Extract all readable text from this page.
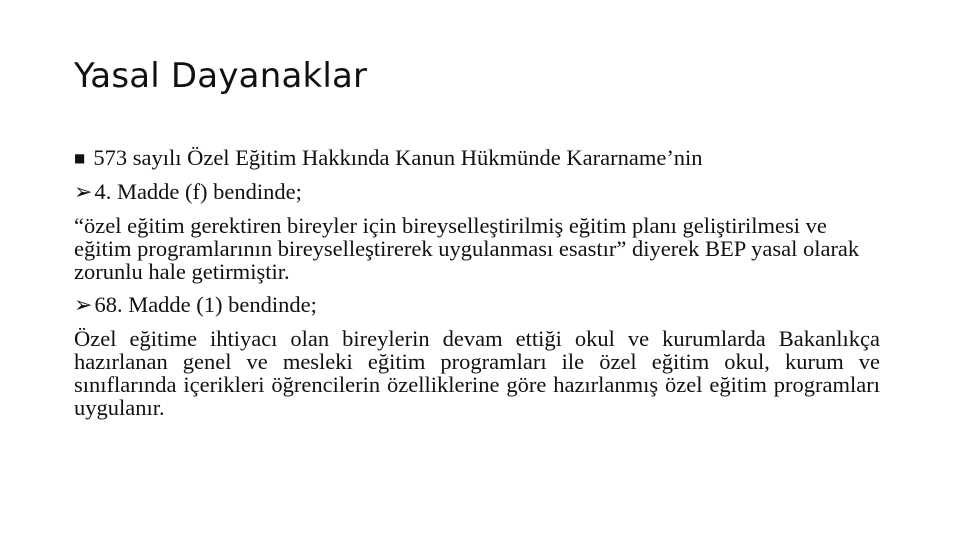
Yasal Dayanaklar

■ 573 sayılı Özel Eğitim Hakkında Kanun Hükmünde Kararname’nin

➢4. Madde (f) bendinde;

“özel eğitim gerektiren bireyler için bireyselleştirilmiş eğitim planı geliştirilmesi ve eğitim programlarının bireyselleştirerek uygulanması esastır” diyerek BEP yasal olarak zorunlu hale getirmiştir.

➢68. Madde (1) bendinde;

Özel eğitime ihtiyacı olan bireylerin devam ettiği okul ve kurumlarda Bakanlıkça hazırlanan genel ve mesleki eğitim programları ile özel eğitim okul, kurum ve sınıflarında içerikleri öğrencilerin özelliklerine göre hazırlanmış özel eğitim programları uygulanır.
